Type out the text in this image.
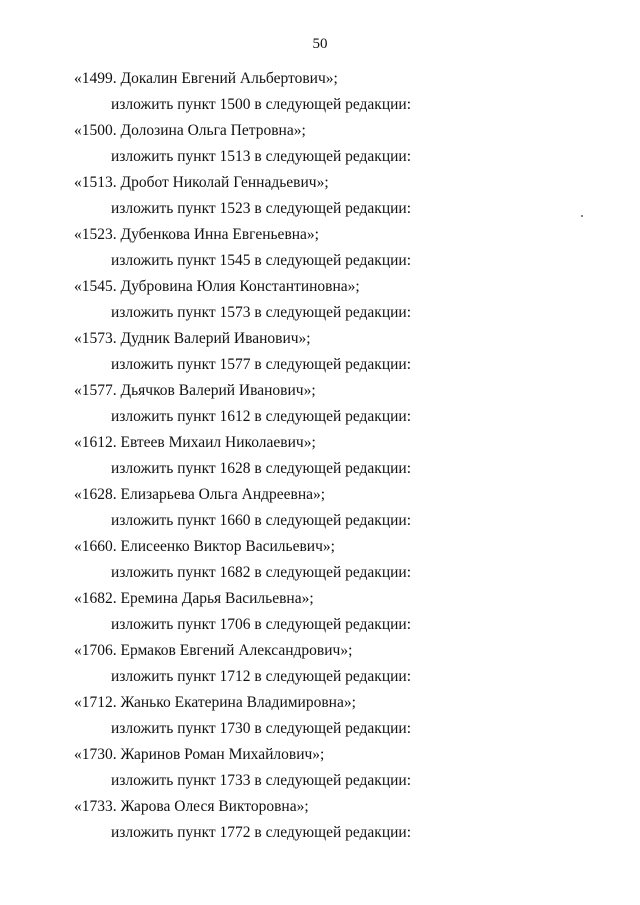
50
«1499. Докалин Евгений Альбертович»;
изложить пункт 1500 в следующей редакции:
«1500. Долозина Ольга Петровна»;
изложить пункт 1513 в следующей редакции:
«1513. Дробот Николай Геннадьевич»;
изложить пункт 1523 в следующей редакции:
«1523. Дубенкова Инна Евгеньевна»;
изложить пункт 1545 в следующей редакции:
«1545. Дубровина Юлия Константиновна»;
изложить пункт 1573 в следующей редакции:
«1573. Дудник Валерий Иванович»;
изложить пункт 1577 в следующей редакции:
«1577. Дьячков Валерий Иванович»;
изложить пункт 1612 в следующей редакции:
«1612. Евтеев Михаил Николаевич»;
изложить пункт 1628 в следующей редакции:
«1628. Елизарьева Ольга Андреевна»;
изложить пункт 1660 в следующей редакции:
«1660. Елисеенко Виктор Васильевич»;
изложить пункт 1682 в следующей редакции:
«1682. Еремина Дарья Васильевна»;
изложить пункт 1706 в следующей редакции:
«1706. Ермаков Евгений Александрович»;
изложить пункт 1712 в следующей редакции:
«1712. Жанько Екатерина Владимировна»;
изложить пункт 1730 в следующей редакции:
«1730. Жаринов Роман Михайлович»;
изложить пункт 1733 в следующей редакции:
«1733. Жарова Олеся Викторовна»;
изложить пункт 1772 в следующей редакции:
